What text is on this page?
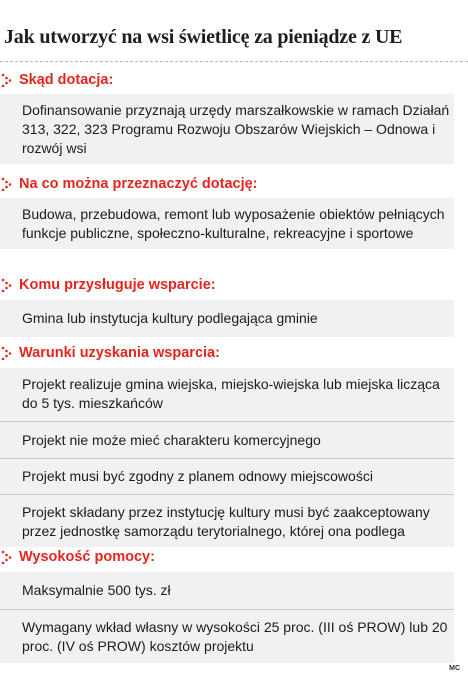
Jak utworzyć na wsi świetlicę za pieniądze z UE
Skąd dotacja:
Dofinansowanie przyznają urzędy marszałkowskie w ramach Działań 313, 322, 323 Programu Rozwoju Obszarów Wiejskich – Odnowa i rozwój wsi
Na co można przeznaczyć dotację:
Budowa, przebudowa, remont lub wyposażenie obiektów pełniących funkcje publiczne, społeczno-kulturalne, rekreacyjne i sportowe
Komu przysługuje wsparcie:
Gmina lub instytucja kultury podlegająca gminie
Warunki uzyskania wsparcia:
Projekt realizuje gmina wiejska, miejsko-wiejska lub miejska licząca do 5 tys. mieszkańców
Projekt nie może mieć charakteru komercyjnego
Projekt musi być zgodny z planem odnowy miejscowości
Projekt składany przez instytucję kultury musi być zaakceptowany przez jednostkę samorządu terytorialnego, której ona podlega
Wysokość pomocy:
Maksymalnie 500 tys. zł
Wymagany wkład własny w wysokości 25 proc. (III oś PROW) lub 20 proc. (IV oś PROW) kosztów projektu
MC
